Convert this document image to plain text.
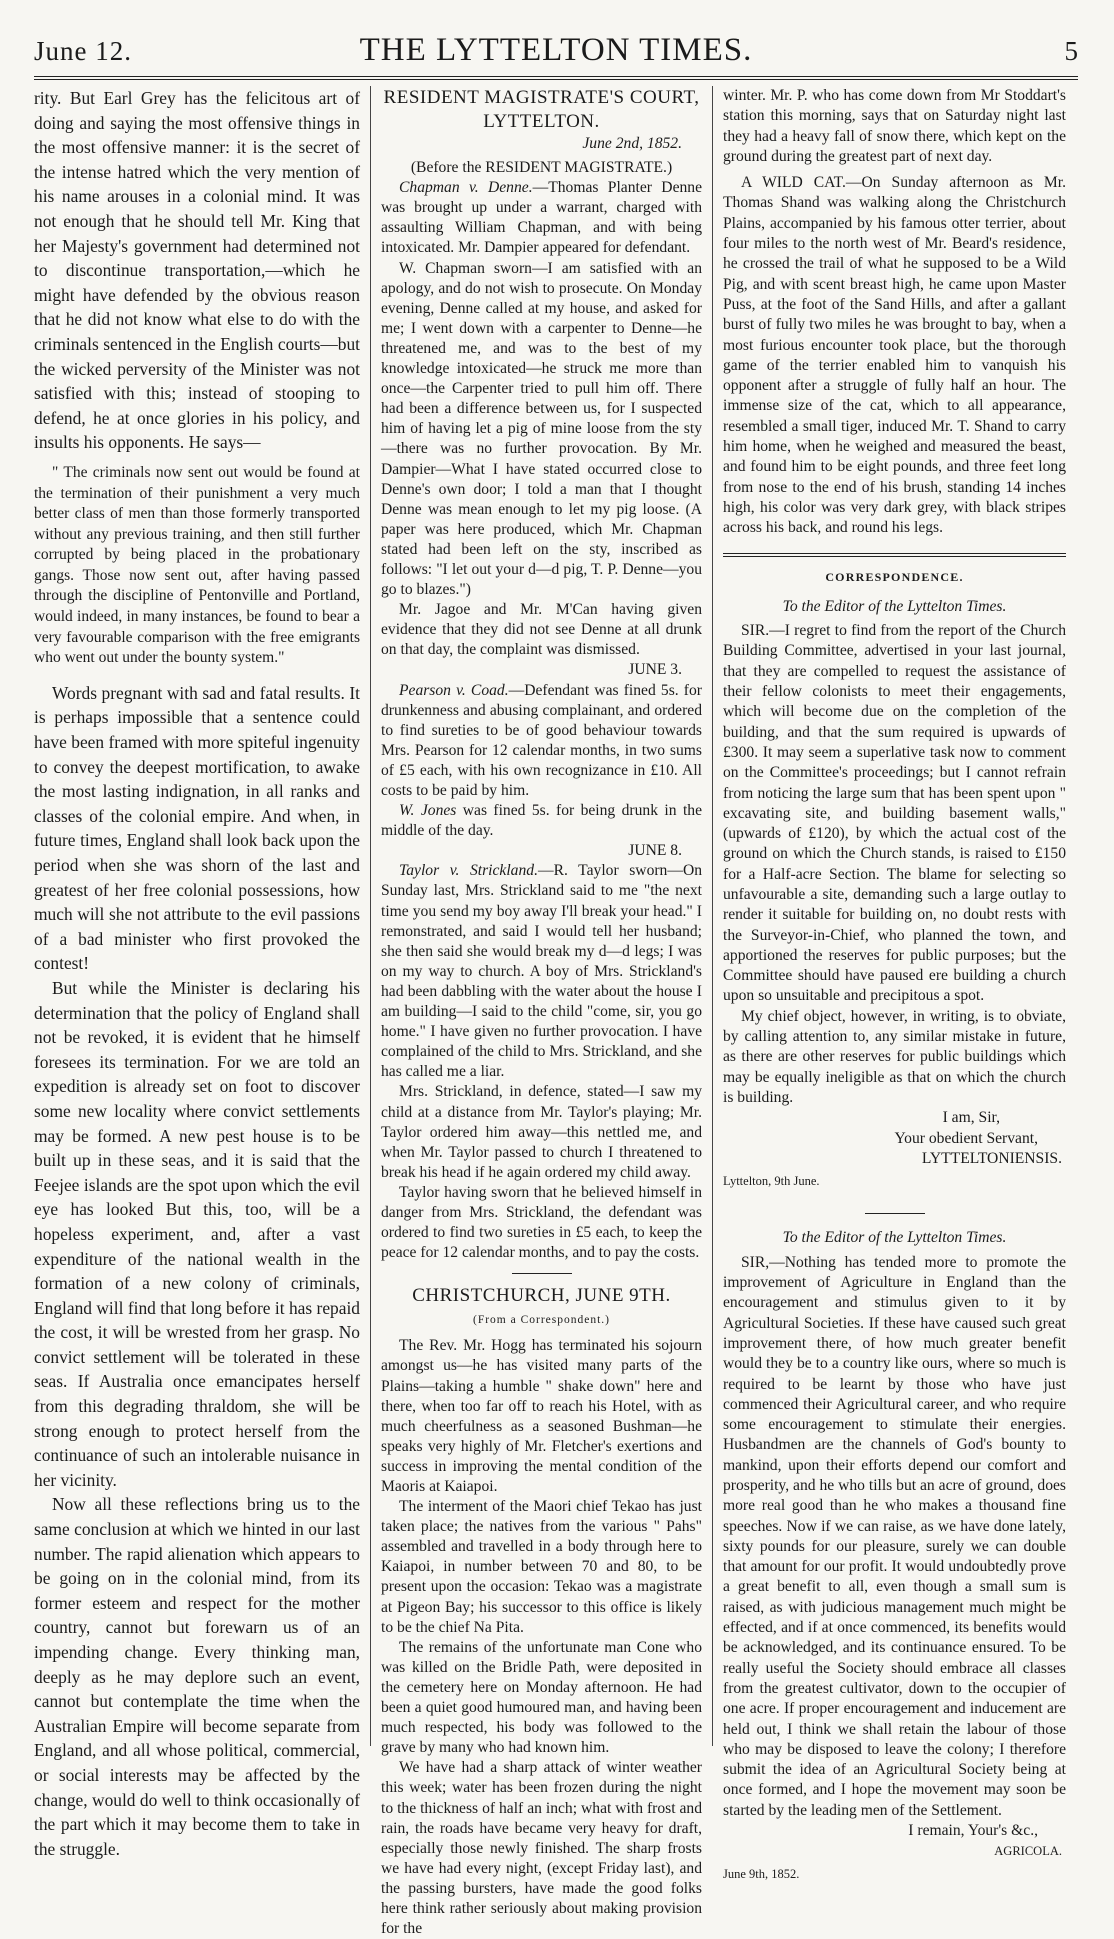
June 12.	THE LYTTELTON TIMES.	5

rity. But Earl Grey has the felicitous art of doing and saying the most offensive things in the most offensive manner: it is the secret of the intense hatred which the very mention of his name arouses in a colonial mind. It was not enough that he should tell Mr. King that her Majesty's government had determined not to discontinue transportation,—which he might have defended by the obvious reason that he did not know what else to do with the criminals sentenced in the English courts—but the wicked perversity of the Minister was not satisfied with this; instead of stooping to defend, he at once glories in his policy, and insults his opponents. He says—

" The criminals now sent out would be found at the termination of their punishment a very much better class of men than those formerly transported without any previous training, and then still further corrupted by being placed in the probationary gangs. Those now sent out, after having passed through the discipline of Pentonville and Portland, would indeed, in many instances, be found to bear a very favourable comparison with the free emigrants who went out under the bounty system."

Words pregnant with sad and fatal results. It is perhaps impossible that a sentence could have been framed with more spiteful ingenuity to convey the deepest mortification, to awake the most lasting indignation, in all ranks and classes of the colonial empire. And when, in future times, England shall look back upon the period when she was shorn of the last and greatest of her free colonial possessions, how much will she not attribute to the evil passions of a bad minister who first provoked the contest!

But while the Minister is declaring his determination that the policy of England shall not be revoked, it is evident that he himself foresees its termination. For we are told an expedition is already set on foot to discover some new locality where convict settlements may be formed. A new pest house is to be built up in these seas, and it is said that the Feejee islands are the spot upon which the evil eye has looked But this, too, will be a hopeless experiment, and, after a vast expenditure of the national wealth in the formation of a new colony of criminals, England will find that long before it has repaid the cost, it will be wrested from her grasp. No convict settlement will be tolerated in these seas. If Australia once emancipates herself from this degrading thraldom, she will be strong enough to protect herself from the continuance of such an intolerable nuisance in her vicinity.

Now all these reflections bring us to the same conclusion at which we hinted in our last number. The rapid alienation which appears to be going on in the colonial mind, from its former esteem and respect for the mother country, cannot but forewarn us of an impending change. Every thinking man, deeply as he may deplore such an event, cannot but contemplate the time when the Australian Empire will become separate from England, and all whose political, commercial, or social interests may be affected by the change, would do well to think occasionally of the part which it may become them to take in the struggle.

RESIDENT MAGISTRATE'S COURT,
LYTTELTON.
June 2nd, 1852.
(Before the RESIDENT MAGISTRATE.)

Chapman v. Denne.—Thomas Planter Denne was brought up under a warrant, charged with assaulting William Chapman, and with being intoxicated. Mr. Dampier appeared for defendant.

W. Chapman sworn—I am satisfied with an apology, and do not wish to prosecute. On Monday evening, Denne called at my house, and asked for me; I went down with a carpenter to Denne—he threatened me, and was to the best of my knowledge intoxicated—he struck me more than once—the Carpenter tried to pull him off. There had been a difference between us, for I suspected him of having let a pig of mine loose from the sty—there was no further provocation. By Mr. Dampier—What I have stated occurred close to Denne's own door; I told a man that I thought Denne was mean enough to let my pig loose. (A paper was here produced, which Mr. Chapman stated had been left on the sty, inscribed as follows: "I let out your d—d pig, T. P. Denne—you go to blazes.")

Mr. Jagoe and Mr. M'Can having given evidence that they did not see Denne at all drunk on that day, the complaint was dismissed.

JUNE 3.

Pearson v. Coad.—Defendant was fined 5s. for drunkenness and abusing complainant, and ordered to find sureties to be of good behaviour towards Mrs. Pearson for 12 calendar months, in two sums of £5 each, with his own recognizance in £10. All costs to be paid by him.

W. Jones was fined 5s. for being drunk in the middle of the day.

JUNE 8.

Taylor v. Strickland.—R. Taylor sworn—On Sunday last, Mrs. Strickland said to me "the next time you send my boy away I'll break your head." I remonstrated, and said I would tell her husband; she then said she would break my d—d legs; I was on my way to church. A boy of Mrs. Strickland's had been dabbling with the water about the house I am building—I said to the child "come, sir, you go home." I have given no further provocation. I have complained of the child to Mrs. Strickland, and she has called me a liar.

Mrs. Strickland, in defence, stated—I saw my child at a distance from Mr. Taylor's playing; Mr. Taylor ordered him away—this nettled me, and when Mr. Taylor passed to church I threatened to break his head if he again ordered my child away.

Taylor having sworn that he believed himself in danger from Mrs. Strickland, the defendant was ordered to find two sureties in £5 each, to keep the peace for 12 calendar months, and to pay the costs.

CHRISTCHURCH, JUNE 9TH.
(From a Correspondent.)

The Rev. Mr. Hogg has terminated his sojourn amongst us—he has visited many parts of the Plains—taking a humble " shake down" here and there, when too far off to reach his Hotel, with as much cheerfulness as a seasoned Bushman—he speaks very highly of Mr. Fletcher's exertions and success in improving the mental condition of the Maoris at Kaiapoi.

The interment of the Maori chief Tekao has just taken place; the natives from the various " Pahs" assembled and travelled in a body through here to Kaiapoi, in number between 70 and 80, to be present upon the occasion: Tekao was a magistrate at Pigeon Bay; his successor to this office is likely to be the chief Na Pita.

The remains of the unfortunate man Cone who was killed on the Bridle Path, were deposited in the cemetery here on Monday afternoon. He had been a quiet good humoured man, and having been much respected, his body was followed to the grave by many who had known him.

We have had a sharp attack of winter weather this week; water has been frozen during the night to the thickness of half an inch; what with frost and rain, the roads have became very heavy for draft, especially those newly finished. The sharp frosts we have had every night, (except Friday last), and the passing bursters, have made the good folks here think rather seriously about making provision for the

winter. Mr. P. who has come down from Mr Stoddart's station this morning, says that on Saturday night last they had a heavy fall of snow there, which kept on the ground during the greatest part of next day.

A WILD CAT.—On Sunday afternoon as Mr. Thomas Shand was walking along the Christchurch Plains, accompanied by his famous otter terrier, about four miles to the north west of Mr. Beard's residence, he crossed the trail of what he supposed to be a Wild Pig, and with scent breast high, he came upon Master Puss, at the foot of the Sand Hills, and after a gallant burst of fully two miles he was brought to bay, when a most furious encounter took place, but the thorough game of the terrier enabled him to vanquish his opponent after a struggle of fully half an hour. The immense size of the cat, which to all appearance, resembled a small tiger, induced Mr. T. Shand to carry him home, when he weighed and measured the beast, and found him to be eight pounds, and three feet long from nose to the end of his brush, standing 14 inches high, his color was very dark grey, with black stripes across his back, and round his legs.

CORRESPONDENCE.
To the Editor of the Lyttelton Times.

SIR.—I regret to find from the report of the Church Building Committee, advertised in your last journal, that they are compelled to request the assistance of their fellow colonists to meet their engagements, which will become due on the completion of the building, and that the sum required is upwards of £300. It may seem a superlative task now to comment on the Committee's proceedings; but I cannot refrain from noticing the large sum that has been spent upon " excavating site, and building basement walls," (upwards of £120), by which the actual cost of the ground on which the Church stands, is raised to £150 for a Half-acre Section. The blame for selecting so unfavourable a site, demanding such a large outlay to render it suitable for building on, no doubt rests with the Surveyor-in-Chief, who planned the town, and apportioned the reserves for public purposes; but the Committee should have paused ere building a church upon so unsuitable and precipitous a spot.

My chief object, however, in writing, is to obviate, by calling attention to, any similar mistake in future, as there are other reserves for public buildings which may be equally ineligible as that on which the church is building.

I am, Sir,
Your obedient Servant,
LYTTELTONIENSIS.
Lyttelton, 9th June.
To the Editor of the Lyttelton Times.

SIR,—Nothing has tended more to promote the improvement of Agriculture in England than the encouragement and stimulus given to it by Agricultural Societies. If these have caused such great improvement there, of how much greater benefit would they be to a country like ours, where so much is required to be learnt by those who have just commenced their Agricultural career, and who require some encouragement to stimulate their energies. Husbandmen are the channels of God's bounty to mankind, upon their efforts depend our comfort and prosperity, and he who tills but an acre of ground, does more real good than he who makes a thousand fine speeches. Now if we can raise, as we have done lately, sixty pounds for our pleasure, surely we can double that amount for our profit. It would undoubtedly prove a great benefit to all, even though a small sum is raised, as with judicious management much might be effected, and if at once commenced, its benefits would be acknowledged, and its continuance ensured. To be really useful the Society should embrace all classes from the greatest cultivator, down to the occupier of one acre. If proper encouragement and inducement are held out, I think we shall retain the labour of those who may be disposed to leave the colony; I therefore submit the idea of an Agricultural Society being at once formed, and I hope the movement may soon be started by the leading men of the Settlement.

I remain, Your's &c.,
AGRICOLA.
June 9th, 1852.
